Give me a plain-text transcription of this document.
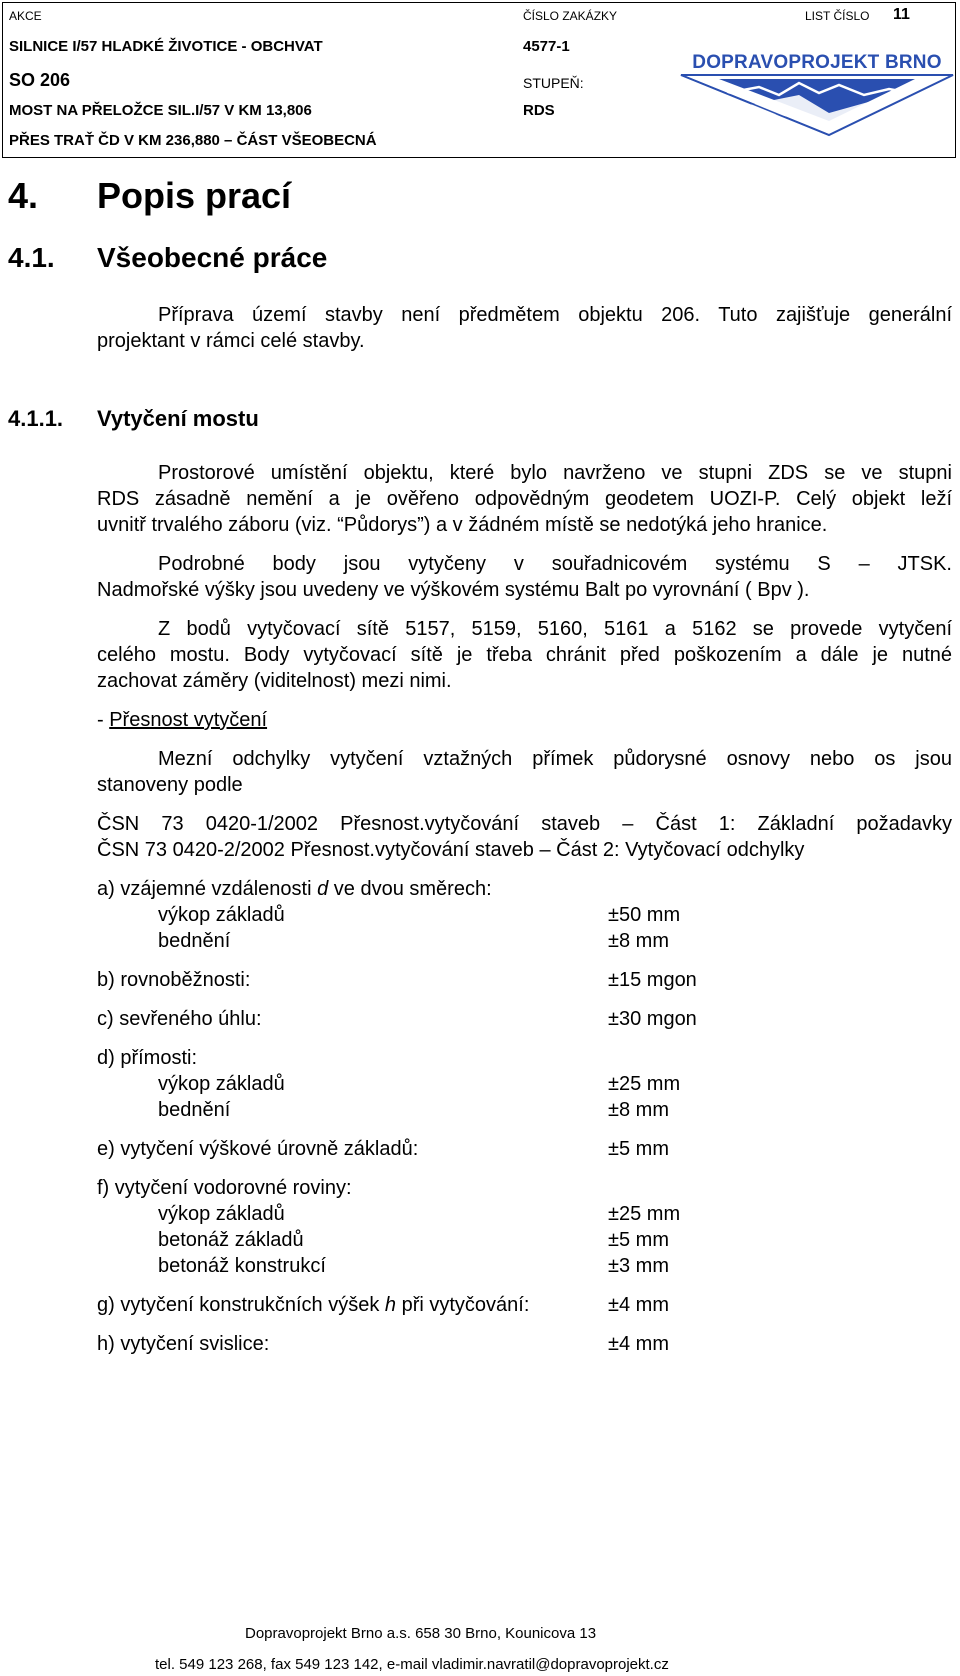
AKCE
SILNICE I/57 HLADKÉ ŽIVOTICE - OBCHVAT
SO 206
MOST NA PŘELOŽCE SIL.I/57 V KM 13,806
PŘES TRAŤ ČD V KM 236,880 – ČÁST VŠEOBECNÁ
ČÍSLO ZAKÁZKY
4577-1
STUPEŇ:
RDS
LIST ČÍSLO 11
DOPRAVOPROJEKT BRNO
4. Popis prací
4.1. Všeobecné práce
Příprava území stavby není předmětem objektu 206. Tuto zajišťuje generální
projektant v rámci celé stavby.
4.1.1. Vytyčení mostu
Prostorové umístění objektu, které bylo navrženo ve stupni ZDS se ve stupni
RDS zásadně nemění a je ověřeno odpovědným geodetem UOZI-P. Celý objekt leží
uvnitř trvalého záboru (viz. “Půdorys”) a v žádném místě se nedotýká jeho hranice.
Podrobné body jsou vytyčeny v souřadnicovém systému S – JTSK.
Nadmořské výšky jsou uvedeny ve výškovém systému Balt po vyrovnání ( Bpv ).
Z bodů vytyčovací sítě 5157, 5159, 5160, 5161 a 5162 se provede vytyčení
celého mostu. Body vytyčovací sítě je třeba chránit před poškozením a dále je nutné
zachovat záměry (viditelnost) mezi nimi.
- Přesnost vytyčení
Mezní odchylky vytyčení vztažných přímek půdorysné osnovy nebo os jsou
stanoveny podle
ČSN 73 0420-1/2002 Přesnost.vytyčování staveb – Část 1: Základní požadavky
ČSN 73 0420-2/2002 Přesnost.vytyčování staveb – Část 2: Vytyčovací odchylky
a) vzájemné vzdálenosti d ve dvou směrech:
výkop základů	±50 mm
bednění	±8 mm
b) rovnoběžnosti:	±15 mgon
c) sevřeného úhlu:	±30 mgon
d) přímosti:
výkop základů	±25 mm
bednění	±8 mm
e) vytyčení výškové úrovně základů:	±5 mm
f) vytyčení vodorovné roviny:
výkop základů	±25 mm
betonáž základů	±5 mm
betonáž konstrukcí	±3 mm
g) vytyčení konstrukčních výšek h při vytyčování:	±4 mm
h) vytyčení svislice:	±4 mm
Dopravoprojekt Brno a.s. 658 30 Brno, Kounicova 13
tel. 549 123 268, fax 549 123 142, e-mail vladimir.navratil@dopravoprojekt.cz
